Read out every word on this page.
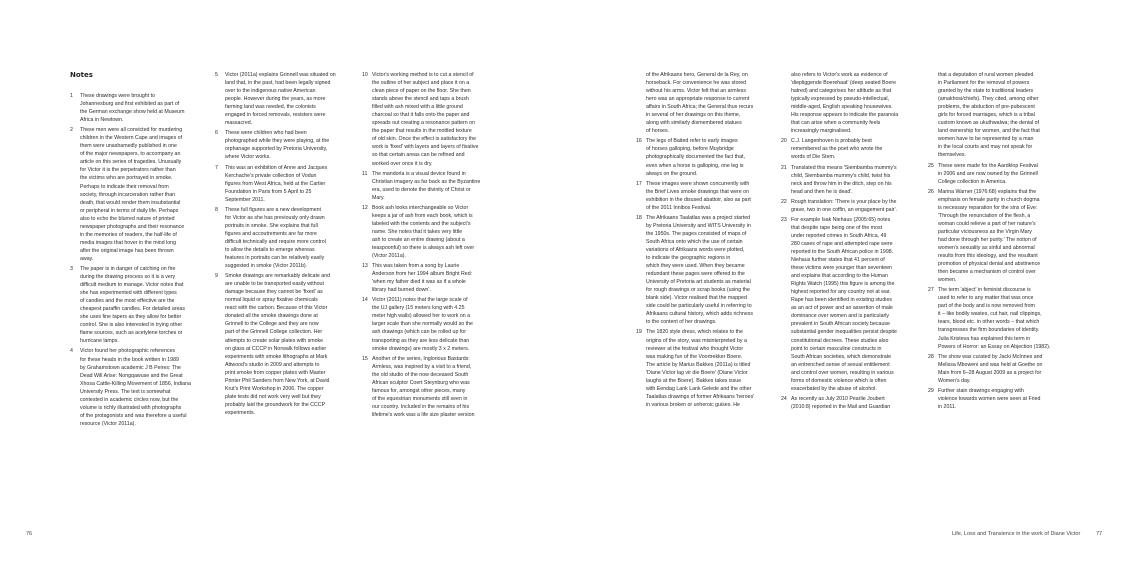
Notes
1 These drawings were brought to
Johannesburg and first exhibited as part of
the German exchange show held at Museum
Africa in Newtown.
2 These men were all convicted for murdering
children in the Western Cape and images of
them were unashamedly published in one
of the major newspapers, to accompany an
article on this series of tragedies. Unusually
for Victor it is the perpetrators rather than
the victims who are portrayed in smoke.
Perhaps to indicate their removal from
society, through incarceration rather than
death, that would render them insubstantial
or peripheral in terms of daily life. Perhaps
also to echo the blurred nature of printed
newspaper photographs and their resonance
in the memories of readers, the half-life of
media images that hover in the mind long
after the original image has been thrown
away.
3 The paper is in danger of catching on fire
during the drawing process so it is a very
difficult medium to manage. Victor notes that
she has experimented with different types
of candles and the most effective are the
cheapest paraffin candles. For detailed areas
she uses fine tapers as they allow for better
control. She is also interested in trying other
flame sources, such as acetylene torches or
hurricane lamps.
4 Victor found her photographic references
for these heads in the book written in 1989
by Grahamstown academic J B Peires: The
Dead Will Arise: Nongqawuse and the Great
Xhosa Cattle-Killing Movement of 1856, Indiana
University Press. The text is somewhat
contested in academic circles now, but the
volume is richly illustrated with photographs
of the protagonists and was therefore a useful
resource (Victor 2011a).
5 Victor (2011a) explains Grinnell was situated on
land that, in the past, had been legally signed
over to the indigenous native American
people. However during the years, as more
farming land was needed, the colonists
engaged in forced removals, resisters were
massacred.
6 These were children who had been
photographed while they were playing, at the
orphanage supported by Pretoria University,
where Victor works.
7 This was an exhibition of Anne and Jacques
Kerchache's private collection of Vodun
figures from West Africa, held at the Cartier
Foundation in Paris from 5 April to 25
September 2011.
8 These full figures are a new development
for Victor as she has previously only drawn
portraits in smoke. She explains that full
figures and accoutrements are far more
difficult technically and require more control
to allow the details to emerge whereas
features in portraits can be relatively easily
suggested in smoke (Victor 2011b).
9 Smoke drawings are remarkably delicate and
are unable to be transported easily without
damage because they cannot be 'fixed' as
normal liquid or spray fixative chemicals
react with the carbon. Because of this Victor
donated all the smoke drawings done at
Grinnell to the College and they are now
part of the Grinnell College collection. Her
attempts to create solar plates with smoke
on glass at CCCP in Norwalk follows earlier
experiments with smoke lithographs at Mark
Attwood's studio in 2009 and attempts to
print smoke from copper plates with Master
Printer Phil Sanders from New York, at David
Krut's Print Workshop in 2006. The copper
plate tests did not work very well but they
probably laid the groundwork for the CCCP
experiments.
10 Victor's working method is to cut a stencil of
the outline of her subject and place it on a
clean piece of paper on the floor. She then
stands above the stencil and taps a brush
filled with ash mixed with a little ground
charcoal so that it falls onto the paper and
spreads out creating a resonance pattern on
the paper that results in the mottled texture
of old skin. Once the effect is satisfactory the
work is 'fixed' with layers and layers of fixative
so that certain areas can be refined and
worked over once it is dry.
11 The mandorla is a visual device found in
Christian imagery as far back as the Byzantine
era, used to denote the divinity of Christ or
Mary.
12 Book ash looks interchangeable so Victor
keeps a jar of ash from each book, which is
labeled with the contents and the subject's
name. She notes that it takes very little
ash to create an entire drawing (about a
teaspoonful) so there is always ash left over
(Victor 2011a).
13 This was taken from a song by Laurie
Anderson from her 1994 album Bright Red:
'when my father died it was as if a whole
library had burned down'.
14 Victor (2011) notes that the large scale of
the UJ gallery (15 meters long with 4.25
meter high walls) allowed her to work on a
larger scale than she normally would so the
ash drawings (which can be rolled up for
transporting as they are less delicate than
smoke drawings) are mostly 3 x 2 meters.
15 Another of the series, Inglorious Bastards:
Armless, was inspired by a visit to a friend,
the old studio of the now deceased South
African sculptor Coert Steynburg who was
famous for, amongst other pieces, many
of the equestrian monuments still seen in
our country. Included in the remains of his
lifetime's work was a life size plaster version
of the Afrikaans hero, General de la Rey, on
horseback. For convenience he was stored
without his arms. Victor felt that an armless
hero was an appropriate response to current
affairs in South Africa; the General thus recurs
in several of her drawings on this theme,
along with similarly dismembered statues
of horses.
16 The legs of Baited refer to early images
of horses galloping, before Muybridge
photographically documented the fact that,
even when a horse is galloping, one leg is
always on the ground.
17 These images were shown concurrently with
the Brief Lives smoke drawings that were on
exhibition in the disused abattoir, also as part
of the 2011 Innibos Festival.
18 The Afrikaans Taalatlas was a project started
by Pretoria University and WITS University in
the 1950s. The pages consisted of maps of
South Africa onto which the use of certain
variations of Afrikaans words were plotted,
to indicate the geographic regions in
which they were used. When they became
redundant these pages were offered to the
University of Pretoria art students as material
for rough drawings or scrap books (using the
blank side). Victor realised that the mapped
side could be particularly useful in referring to
Afrikaans cultural history, which adds richness
to the content of her drawings.
19 The 1820 style dress, which relates to the
origins of the story, was misinterpreted by a
reviewer at the festival who thought Victor
was making fun of the Voortrekker Boere.
The article by Marius Bakkes (2011a) is titled
'Diane Victor lag vir die Boere' (Diane Victor
laughs at the Boere). Bakkes takes issue
with Eendag Lank Lank Gelede and the other
Taalatlas drawings of former Afrikaans 'heroes'
in various broken or unheroic guises. He
also refers to Victor's work as evidence of
'diepliggende Boerehaat' (deep seated Boere
hatred) and categorises her attitude as that
typically expressed by pseudo-intellectual,
middle-aged, English speaking housewives.
His response appears to indicate the paranoia
that can arise when a community feels
increasingly marginalised.
20 C.J. Langenhoven is probably best
remembered as the poet who wrote the
words of Die Stem.
21 Translated this means 'Siembamba mummy's
child, Siembamba mummy's child, twist his
neck and throw him in the ditch, step on his
head and then he is dead'.
22 Rough translation: 'There is your place by the
grave, two in one coffin, an engagement pair'.
23 For example Isak Niehaus (2005:65) notes
that despite rape being one of the most
under reported crimes in South Africa, 49
280 cases of rape and attempted rape were
reported to the South African police in 1998.
Niehaus further states that 41 percent of
these victims were younger than seventeen
and explains that according to the Human
Rights Watch (1995) this figure is among the
highest reported for any country not at war.
Rape has been identified in existing studies
as an act of power and an assertion of male
dominance over women and is particularly
prevalent in South African society because
substantial gender inequalities persist despite
constitutional decrees. These studies also
point to certain masculine constructs in
South African societies, which demonstrate
an entrenched sense of sexual entitlement
and control over women, resulting in various
forms of domestic violence which is often
exacerbated by the abuse of alcohol.
24 As recently as July 2010 Pearlie Joubert
(2010:8) reported in the Mail and Guardian
that a deputation of rural women pleaded
in Parliament for the removal of powers
granted by the state to traditional leaders
(amakhosi/chiefs). They cited, among other
problems, the abduction of pre-pubescent
girls for forced marriages, which is a tribal
custom known as ukuthwalwa; the denial of
land ownership for women, and the fact that
women have to be represented by a man
in the local courts and may not speak for
themselves.
25 These were made for the Aardklop Festival
in 2006 and are now owned by the Grinnell
College collection in America.
26 Marina Warner (1976:68) explains that the
emphasis on female purity in church dogma
is necessary reparation for the sins of Eve:
'Through the renunciation of the flesh, a
woman could relieve a part of her nature's
particular viciousness as the Virgin Mary
had done through her purity.' The notion of
women's sexuality as sinful and abnormal
results from this ideology, and the resultant
promotion of physical denial and abstinence
then became a mechanism of control over
women.
27 The term 'abject' in feminist discourse is
used to refer to any matter that was once
part of the body and is now removed from
it – like bodily wastes, cut hair, nail clippings,
tears, blood etc. in other words – that which
transgresses the firm boundaries of identity.
Julia Kristeva has explained this term in
Powers of Horror: an Essay on Abjection (1982).
28 The show was curated by Jacki McInnes and
Melissa Mboweni and was held at Goethe on
Main from 6–28 August 2009 as a project for
Women's day.
29 Further stain drawings engaging with
violence towards women were seen at Fried
in 2011.
76	Life, Loss and Transience in the work of Diane Victor	77
